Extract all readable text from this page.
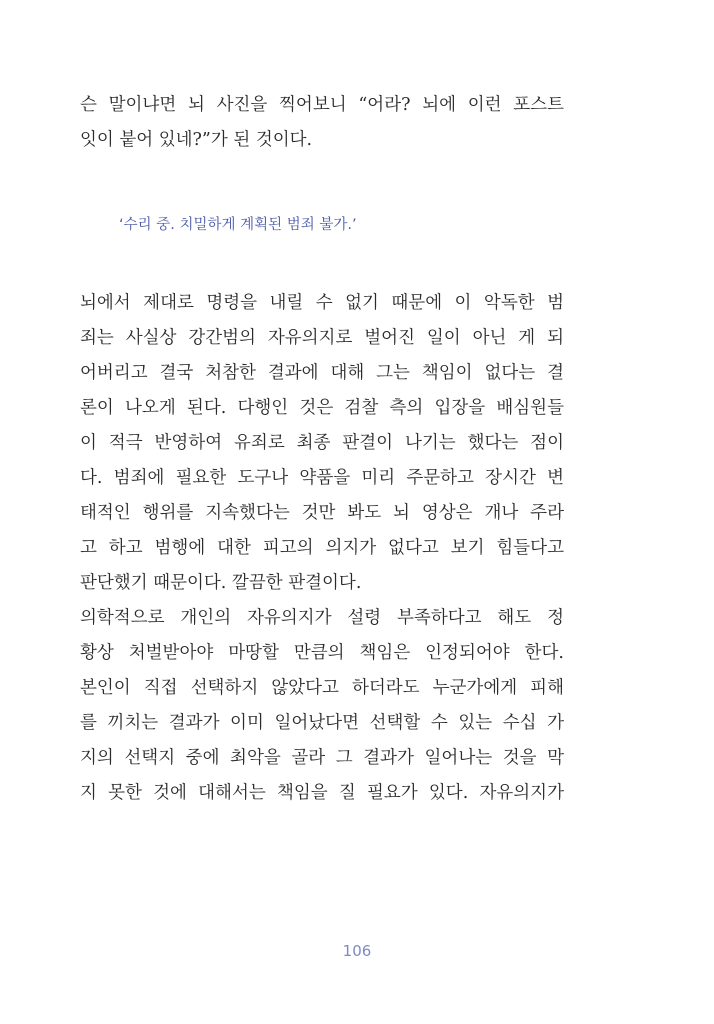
슨 말이냐면 뇌 사진을 찍어보니 “어라? 뇌에 이런 포스트
잇이 붙어 있네?”가 된 것이다.
‘수리 중. 치밀하게 계획된 범죄 불가.’
뇌에서 제대로 명령을 내릴 수 없기 때문에 이 악독한 범
죄는 사실상 강간범의 자유의지로 벌어진 일이 아닌 게 되
어버리고 결국 처참한 결과에 대해 그는 책임이 없다는 결
론이 나오게 된다. 다행인 것은 검찰 측의 입장을 배심원들
이 적극 반영하여 유죄로 최종 판결이 나기는 했다는 점이
다. 범죄에 필요한 도구나 약품을 미리 주문하고 장시간 변
태적인 행위를 지속했다는 것만 봐도 뇌 영상은 개나 주라
고 하고 범행에 대한 피고의 의지가 없다고 보기 힘들다고
판단했기 때문이다. 깔끔한 판결이다.
의학적으로 개인의 자유의지가 설령 부족하다고 해도 정
황상 처벌받아야 마땅할 만큼의 책임은 인정되어야 한다.
본인이 직접 선택하지 않았다고 하더라도 누군가에게 피해
를 끼치는 결과가 이미 일어났다면 선택할 수 있는 수십 가
지의 선택지 중에 최악을 골라 그 결과가 일어나는 것을 막
지 못한 것에 대해서는 책임을 질 필요가 있다. 자유의지가
106
